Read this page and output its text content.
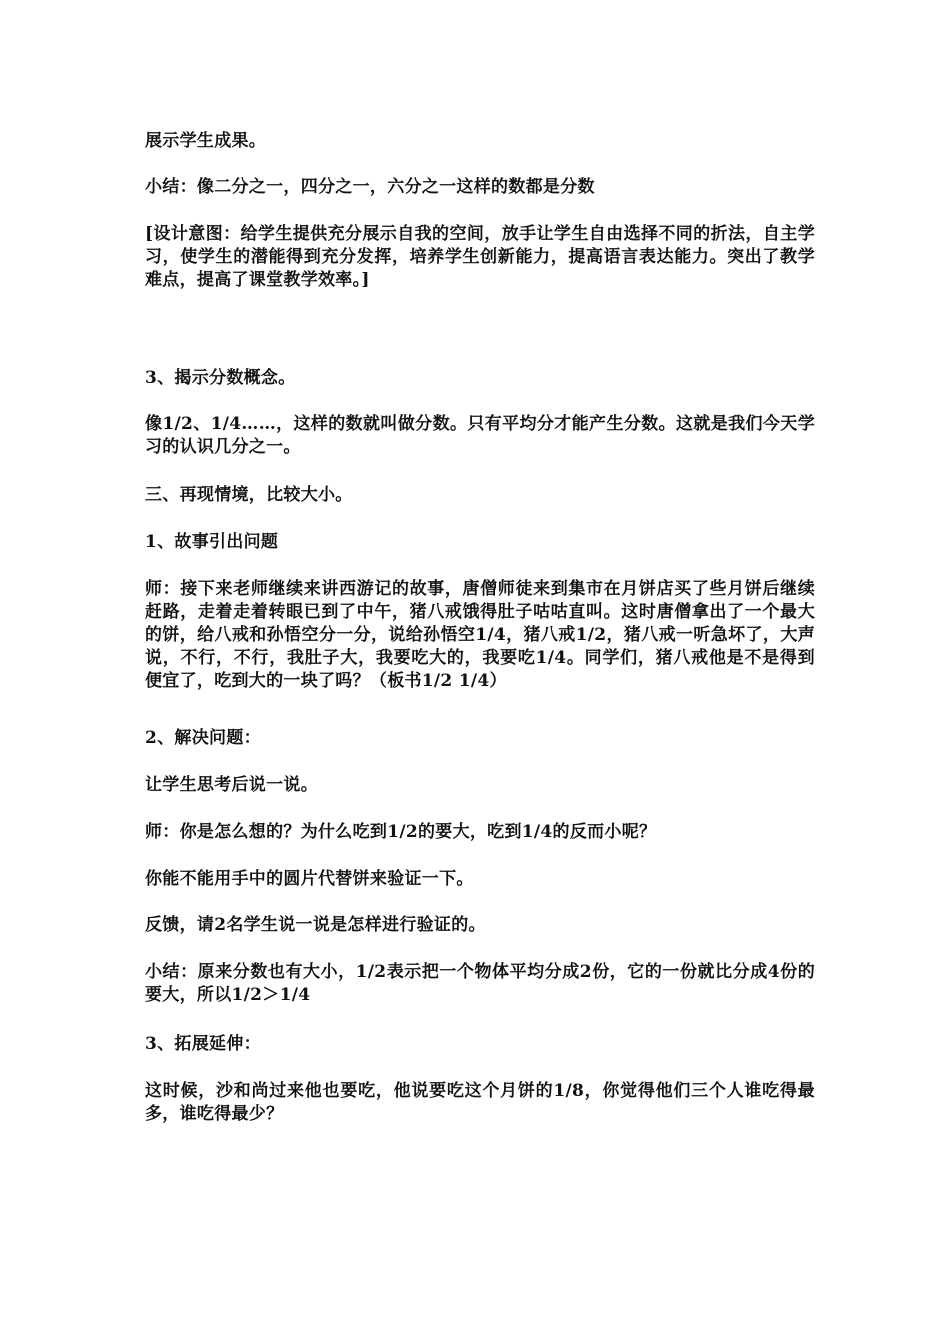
展示学生成果。

小结：像二分之一，四分之一，六分之一这样的数都是分数

[设计意图：给学生提供充分展示自我的空间，放手让学生自由选择不同的折法，自主学习，使学生的潜能得到充分发挥，培养学生创新能力，提高语言表达能力。突出了教学难点，提高了课堂教学效率。]

3、揭示分数概念。

像1/2、1/4……，这样的数就叫做分数。只有平均分才能产生分数。这就是我们今天学习的认识几分之一。

三、再现情境，比较大小。

1、故事引出问题

师：接下来老师继续来讲西游记的故事，唐僧师徒来到集市在月饼店买了些月饼后继续赶路，走着走着转眼已到了中午，猪八戒饿得肚子咕咕直叫。这时唐僧拿出了一个最大的饼，给八戒和孙悟空分一分，说给孙悟空1/4，猪八戒1/2，猪八戒一听急坏了，大声说，不行，不行，我肚子大，我要吃大的，我要吃1/4。同学们，猪八戒他是不是得到便宜了，吃到大的一块了吗？（板书1/2 1/4）

2、解决问题：

让学生思考后说一说。

师：你是怎么想的？为什么吃到1/2的要大，吃到1/4的反而小呢？

你能不能用手中的圆片代替饼来验证一下。

反馈，请2名学生说一说是怎样进行验证的。

小结：原来分数也有大小，1/2表示把一个物体平均分成2份，它的一份就比分成4份的要大，所以1/2＞1/4

3、拓展延伸：

这时候，沙和尚过来他也要吃，他说要吃这个月饼的1/8，你觉得他们三个人谁吃得最多，谁吃得最少？
